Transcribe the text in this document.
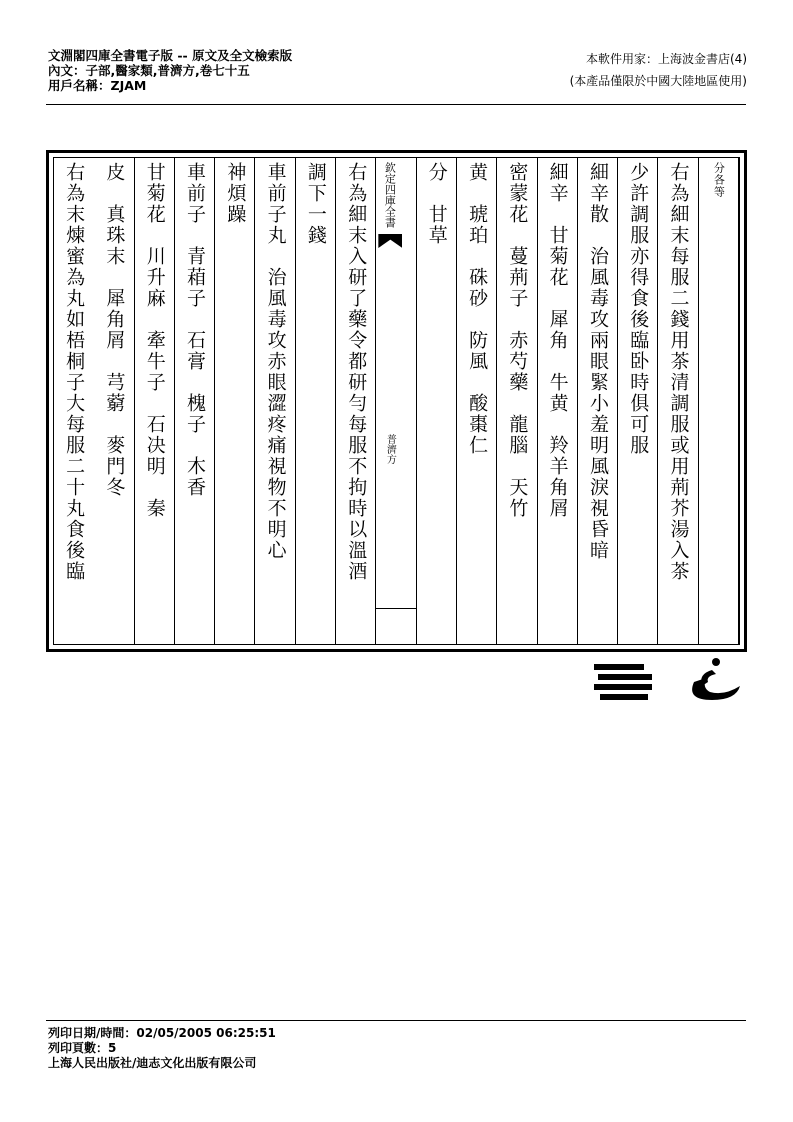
文淵閣四庫全書電子版 -- 原文及全文檢索版
內文：子部,醫家類,普濟方,卷七十五
用戶名稱：ZJAM
本軟件用家：上海波金書店(4)
(本產品僅限於中國大陸地區使用)
分各等
右為細末每服二錢用茶清調服或用荊芥湯入茶
少許調服亦得食後臨卧時俱可服
細辛散　治風毒攻兩眼緊小羞明風淚視昏暗
細辛　甘菊花　犀角　牛黄　羚羊角屑
密蒙花　蔓荊子　赤芍藥　龍腦　天竹
黄　琥珀　硃砂　防風　酸棗仁
分　甘草
欽定四庫全書
普濟方
右為細末入研了藥令都研勻每服不拘時以溫酒
調下一錢
車前子丸　治風毒攻赤眼澀疼痛視物不明心
神煩躁
車前子　青葙子　石膏　槐子　木香
甘菊花　川升麻　牽牛子　石决明　秦
皮　真珠末　犀角屑　芎藭　麥門冬
右為末煉蜜為丸如梧桐子大每服二十丸食後臨
列印日期/時間：02/05/2005 06:25:51
列印頁數：5
上海人民出版社/迪志文化出版有限公司
